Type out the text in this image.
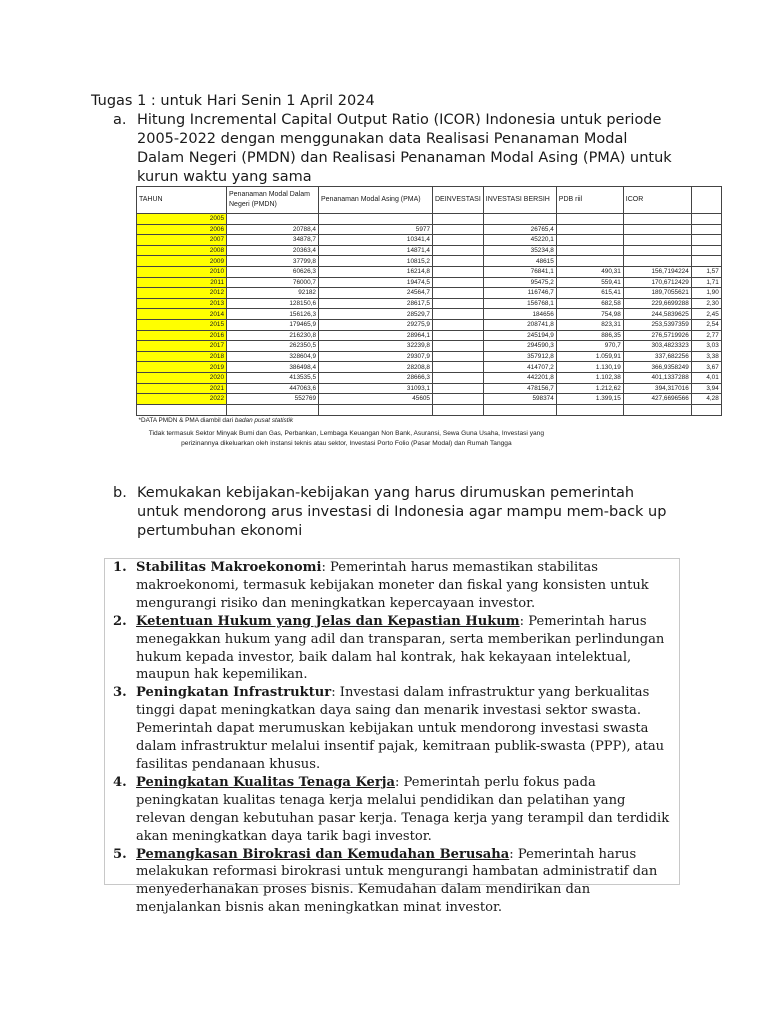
Tugas 1 : untuk Hari Senin 1 April 2024
a. Hitung Incremental Capital Output Ratio (ICOR) Indonesia untuk periode 2005-2022 dengan menggunakan data Realisasi Penanaman Modal Dalam Negeri (PMDN) dan Realisasi Penanaman Modal Asing (PMA) untuk kurun waktu yang sama
TAHUN	Penanaman Modal Dalam Negeri (PMDN)	Penanaman Modal Asing (PMA)	DEINVESTASI	INVESTASI BERSIH	PDB riil	ICOR	
2005							
2006	20788,4	5977		26765,4			
2007	34878,7	10341,4		45220,1			
2008	20363,4	14871,4		35234,8			
2009	37799,8	10815,2		48615			
2010	60626,3	16214,8		76841,1	490,31	156,7194224	1,57
2011	76000,7	19474,5		95475,2	559,41	170,6712429	1,71
2012	92182	24564,7		116746,7	615,41	189,7055621	1,90
2013	128150,6	28617,5		156768,1	682,58	229,6699288	2,30
2014	156126,3	28529,7		184656	754,98	244,5839625	2,45
2015	179465,9	29275,9		208741,8	823,31	253,5397359	2,54
2016	216230,8	28964,1		245194,9	886,35	276,5719926	2,77
2017	262350,5	32239,8		294590,3	970,7	303,4823323	3,03
2018	328604,9	29307,9		357912,8	1.059,91	337,682256	3,38
2019	386498,4	28208,8		414707,2	1.130,19	366,9358249	3,67
2020	413535,5	28666,3		442201,8	1.102,38	401,1337288	4,01
2021	447063,6	31093,1		478156,7	1.212,62	394,317016	3,94
2022	552769	45605		598374	1.399,15	427,6696566	4,28

*DATA PMDN & PMA diambil dari badan pusat statistik							
Tidak termasuk Sektor Minyak Bumi dan Gas, Perbankan, Lembaga Keuangan Non Bank, Asuransi, Sewa Guna Usaha, Investasi yang perizinannya dikeluarkan oleh instansi teknis atau sektor, Investasi Porto Folio (Pasar Modal) dan Rumah Tangga							
b. Kemukakan kebijakan-kebijakan yang harus dirumuskan pemerintah untuk mendorong arus investasi di Indonesia agar mampu mem-back up pertumbuhan ekonomi
1. Stabilitas Makroekonomi: Pemerintah harus memastikan stabilitas makroekonomi, termasuk kebijakan moneter dan fiskal yang konsisten untuk mengurangi risiko dan meningkatkan kepercayaan investor.
2. Ketentuan Hukum yang Jelas dan Kepastian Hukum: Pemerintah harus menegakkan hukum yang adil dan transparan, serta memberikan perlindungan hukum kepada investor, baik dalam hal kontrak, hak kekayaan intelektual, maupun hak kepemilikan.
3. Peningkatan Infrastruktur: Investasi dalam infrastruktur yang berkualitas tinggi dapat meningkatkan daya saing dan menarik investasi sektor swasta. Pemerintah dapat merumuskan kebijakan untuk mendorong investasi swasta dalam infrastruktur melalui insentif pajak, kemitraan publik-swasta (PPP), atau fasilitas pendanaan khusus.
4. Peningkatan Kualitas Tenaga Kerja: Pemerintah perlu fokus pada peningkatan kualitas tenaga kerja melalui pendidikan dan pelatihan yang relevan dengan kebutuhan pasar kerja. Tenaga kerja yang terampil dan terdidik akan meningkatkan daya tarik bagi investor.
5. Pemangkasan Birokrasi dan Kemudahan Berusaha: Pemerintah harus melakukan reformasi birokrasi untuk mengurangi hambatan administratif dan menyederhanakan proses bisnis. Kemudahan dalam mendirikan dan menjalankan bisnis akan meningkatkan minat investor.
